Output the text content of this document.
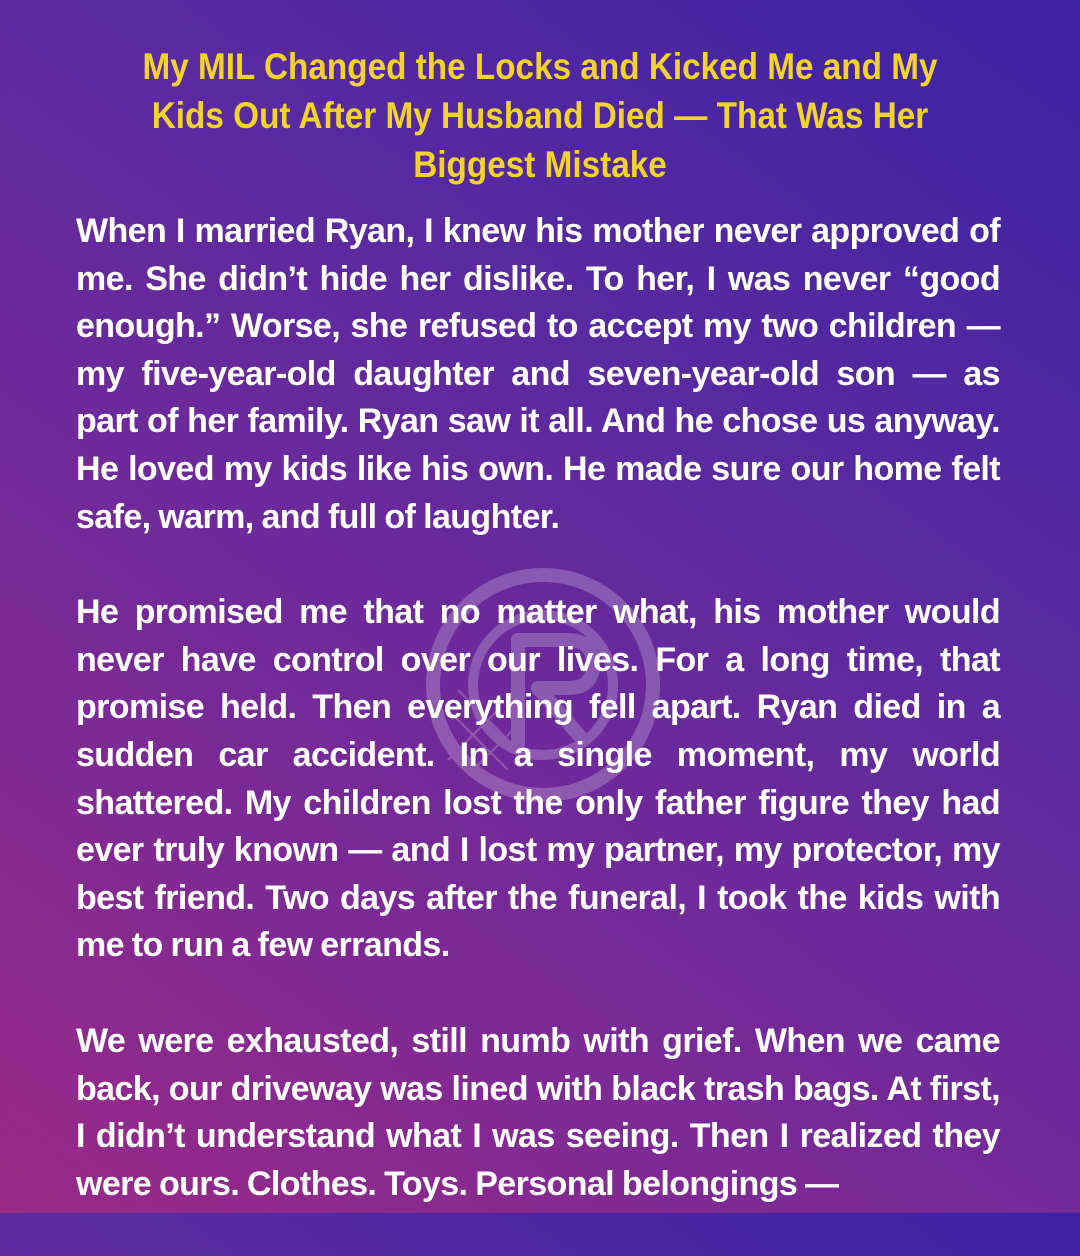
My MIL Changed the Locks and Kicked Me and My Kids Out After My Husband Died — That Was Her Biggest Mistake

When I married Ryan, I knew his mother never approved of me. She didn’t hide her dislike. To her, I was never “good enough.” Worse, she refused to accept my two children — my five-year-old daughter and seven-year-old son — as part of her family. Ryan saw it all. And he chose us anyway. He loved my kids like his own. He made sure our home felt safe, warm, and full of laughter.

He promised me that no matter what, his mother would never have control over our lives. For a long time, that promise held. Then everything fell apart. Ryan died in a sudden car accident. In a single moment, my world shattered. My children lost the only father figure they had ever truly known — and I lost my partner, my protector, my best friend. Two days after the funeral, I took the kids with me to run a few errands.

We were exhausted, still numb with grief. When we came back, our driveway was lined with black trash bags. At first, I didn’t understand what I was seeing. Then I realized they were ours. Clothes. Toys. Personal belongings —
